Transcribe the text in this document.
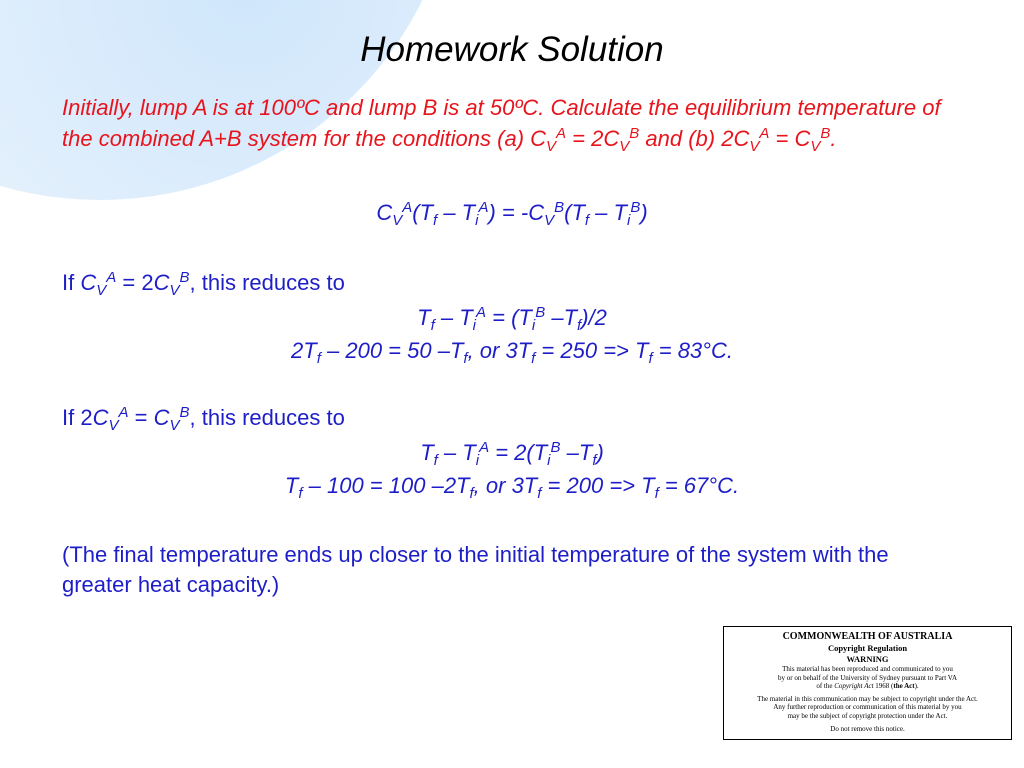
Homework Solution
Initially, lump A is at 100ºC and lump B is at 50ºC. Calculate the equilibrium temperature of the combined A+B system for the conditions (a) $C_V^A = 2C_V^B$ and (b) $2C_V^A = C_V^B$.
$C_V^A(T_f - T_i^A) = -C_V^B(T_f - T_i^B)$
If $C_V^A = 2C_V^B$, this reduces to
$T_f - T_i^A = (T_i^B$ $-T_f)/2$
$2T_f - 200 = 50$ $-T_f$, or $3T_f = 250 => T_f = 83^\circ C$.
If $2C_V^A = C_V^B$, this reduces to
$T_f - T_i^A = 2(T_i^B$ $-T_f$)
$T_f - 100 = 100$ $-2T_f$, or $3T_f = 200 => T_f = 67^\circ C$.
(The final temperature ends up closer to the initial temperature of the system with the greater heat capacity.)
COMMONWEALTH OF AUSTRALIA
Copyright Regulation
WARNING
This material has been reproduced and communicated to you
by or on behalf of the University of Sydney pursuant to Part VA
of the Copyright Act 1968 (the Act).
The material in this communication may be subject to copyright under the Act.
Any further reproduction or communication of this material by you
may be the subject of copyright protection under the Act.
Do not remove this notice.
